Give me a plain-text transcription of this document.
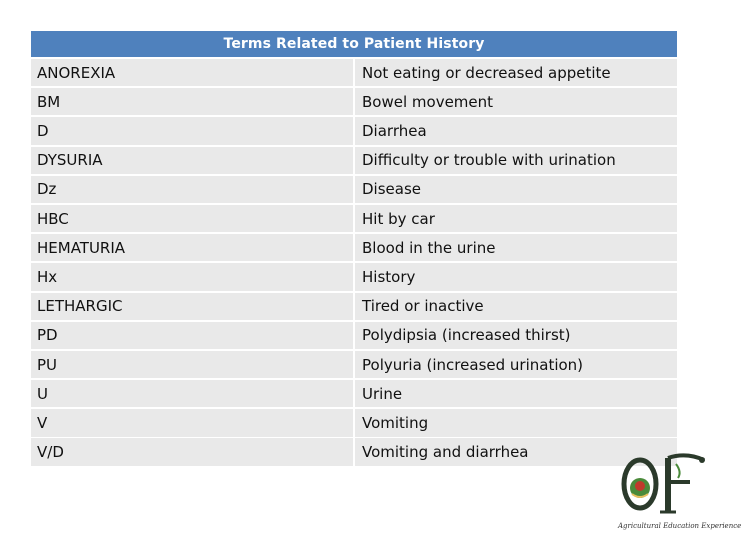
Terms Related to Patient History
ANOREXIA	Not eating or decreased appetite
BM	Bowel movement
D	Diarrhea
DYSURIA	Difficulty or trouble with urination
Dz	Disease
HBC	Hit by car
HEMATURIA	Blood in the urine
Hx	History
LETHARGIC	Tired or inactive
PD	Polydipsia (increased thirst)
PU	Polyuria (increased urination)
U	Urine
V	Vomiting
V/D	Vomiting and diarrhea
Agricultural Education Experience
